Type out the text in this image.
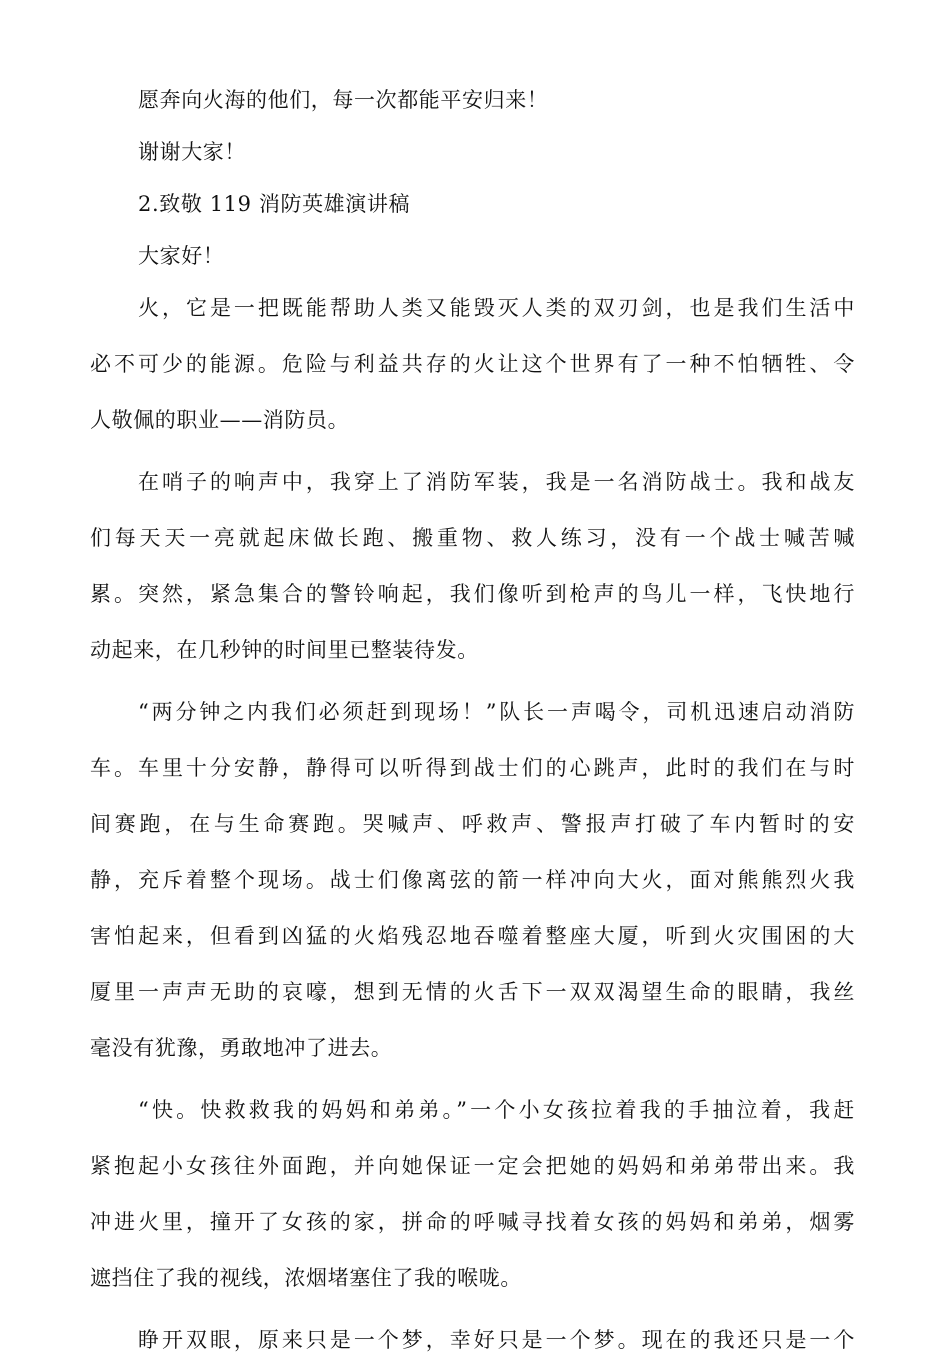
愿奔向火海的他们，每一次都能平安归来！

谢谢大家！

2.致敬 119 消防英雄演讲稿

大家好！

火，它是一把既能帮助人类又能毁灭人类的双刃剑，也是我们生活中

必不可少的能源。危险与利益共存的火让这个世界有了一种不怕牺牲、令

人敬佩的职业——消防员。

在哨子的响声中，我穿上了消防军装，我是一名消防战士。我和战友

们每天天一亮就起床做长跑、搬重物、救人练习，没有一个战士喊苦喊

累。突然，紧急集合的警铃响起，我们像听到枪声的鸟儿一样，飞快地行

动起来，在几秒钟的时间里已整装待发。

“两分钟之内我们必须赶到现场！”队长一声喝令，司机迅速启动消防

车。车里十分安静，静得可以听得到战士们的心跳声，此时的我们在与时

间赛跑，在与生命赛跑。哭喊声、呼救声、警报声打破了车内暂时的安

静，充斥着整个现场。战士们像离弦的箭一样冲向大火，面对熊熊烈火我

害怕起来，但看到凶猛的火焰残忍地吞噬着整座大厦，听到火灾围困的大

厦里一声声无助的哀嚎，想到无情的火舌下一双双渴望生命的眼睛，我丝

毫没有犹豫，勇敢地冲了进去。

“快。快救救我的妈妈和弟弟。”一个小女孩拉着我的手抽泣着，我赶

紧抱起小女孩往外面跑，并向她保证一定会把她的妈妈和弟弟带出来。我

冲进火里，撞开了女孩的家，拼命的呼喊寻找着女孩的妈妈和弟弟，烟雾

遮挡住了我的视线，浓烟堵塞住了我的喉咙。

睁开双眼，原来只是一个梦，幸好只是一个梦。现在的我还只是一个
